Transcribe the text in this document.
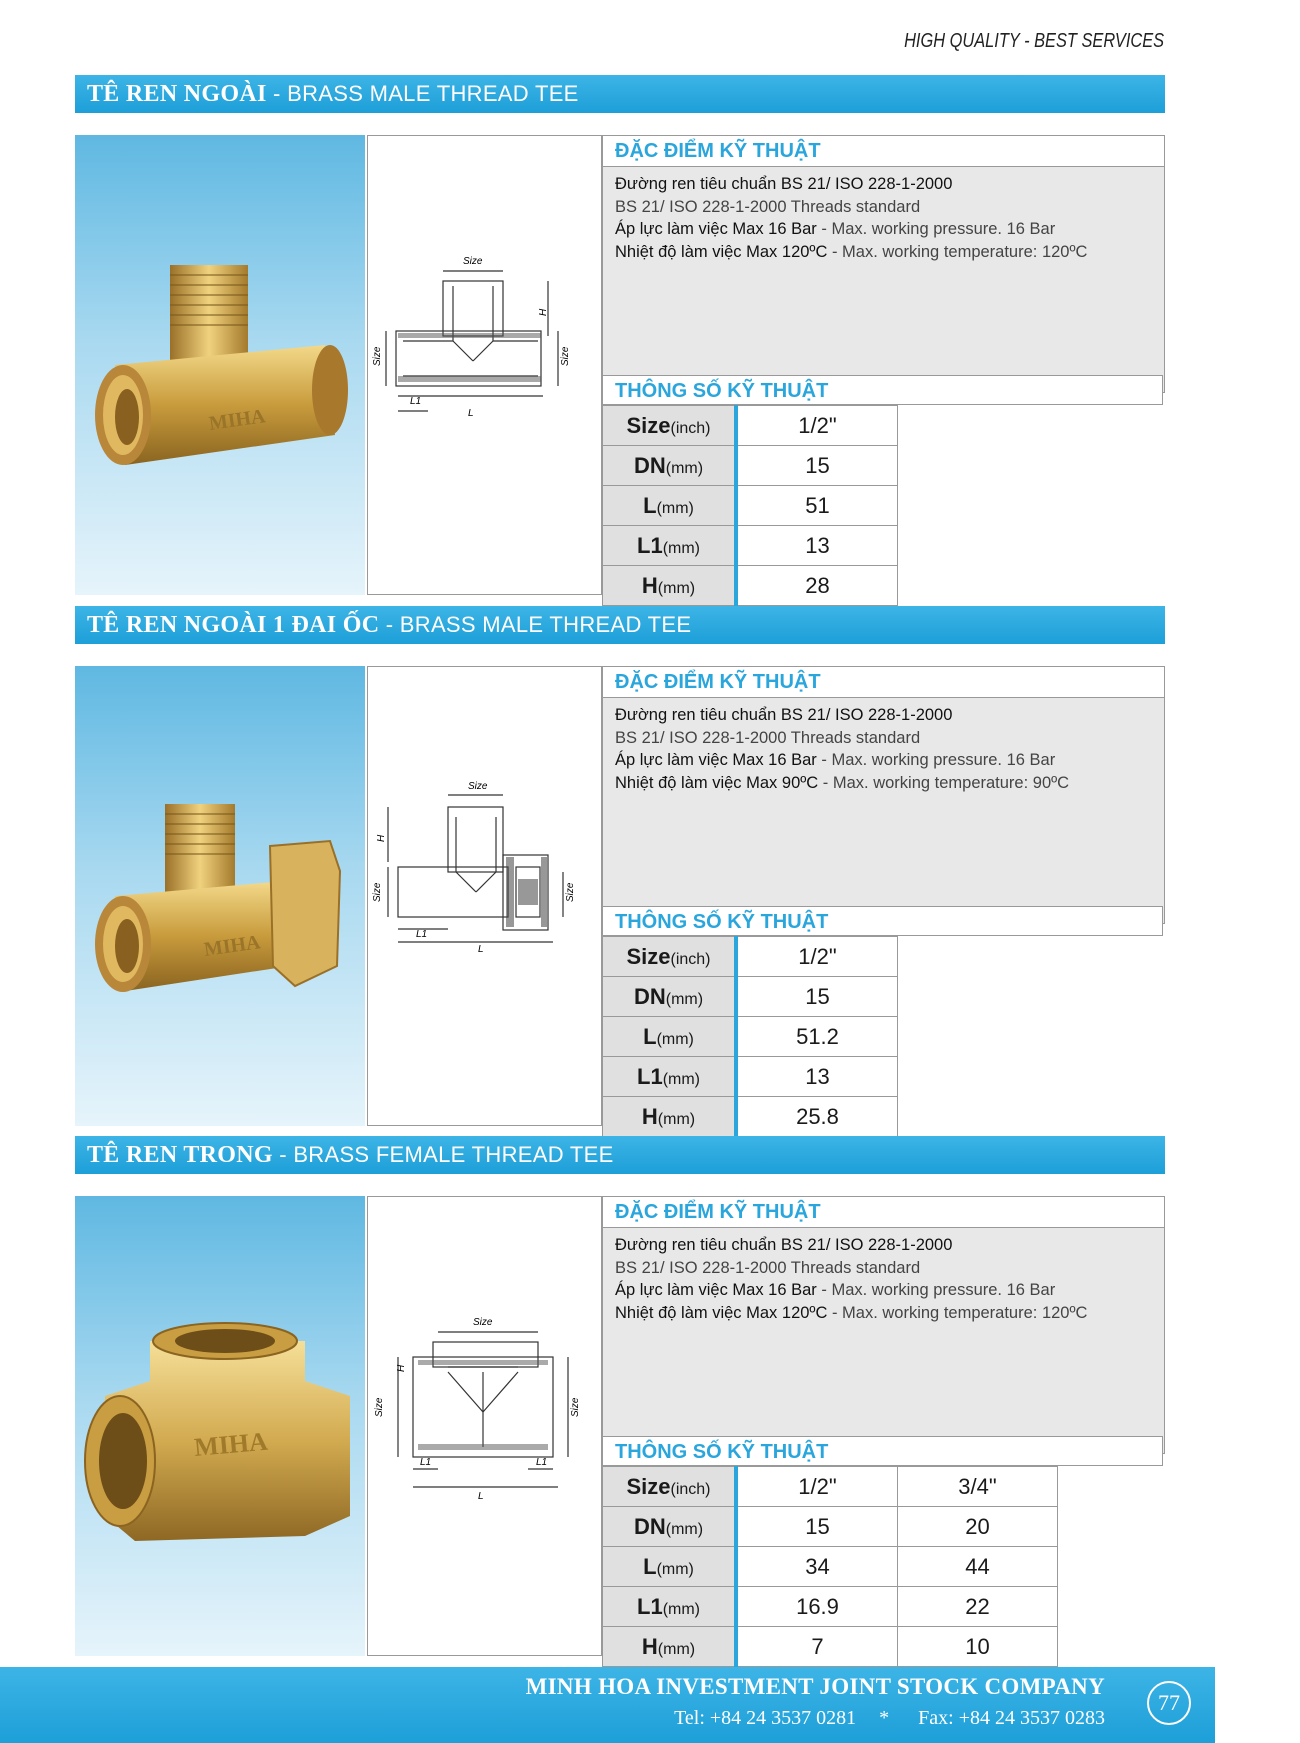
HIGH QUALITY - BEST SERVICES
TÊ REN NGOÀI - BRASS MALE THREAD TEE
MIHA
Size
Size	Size
H
L1
L
ĐẶC ĐIỂM KỸ THUẬT
Đường ren tiêu chuẩn BS 21/ ISO 228-1-2000
BS 21/ ISO 228-1-2000 Threads standard
Áp lực làm việc Max 16 Bar - Max. working pressure. 16 Bar
Nhiệt độ làm việc Max 120ºC - Max. working temperature: 120ºC
THÔNG SỐ KỸ THUẬT
Size(inch)	1/2"
DN(mm)	15
L(mm)	51
L1(mm)	13
H(mm)	28
TÊ REN NGOÀI 1 ĐAI ỐC - BRASS MALE THREAD TEE
MIHA
Size
Size	Size
H
L1
L
ĐẶC ĐIỂM KỸ THUẬT
Đường ren tiêu chuẩn BS 21/ ISO 228-1-2000
BS 21/ ISO 228-1-2000 Threads standard
Áp lực làm việc Max 16 Bar - Max. working pressure. 16 Bar
Nhiệt độ làm việc Max 90ºC - Max. working temperature: 90ºC
THÔNG SỐ KỸ THUẬT
Size(inch)	1/2"
DN(mm)	15
L(mm)	51.2
L1(mm)	13
H(mm)	25.8
TÊ REN TRONG - BRASS FEMALE THREAD TEE
MIHA
Size
Size	Size
H
L1	L1
L
ĐẶC ĐIỂM KỸ THUẬT
Đường ren tiêu chuẩn BS 21/ ISO 228-1-2000
BS 21/ ISO 228-1-2000 Threads standard
Áp lực làm việc Max 16 Bar - Max. working pressure. 16 Bar
Nhiệt độ làm việc Max 120ºC - Max. working temperature: 120ºC
THÔNG SỐ KỸ THUẬT
Size(inch)	1/2"	3/4"
DN(mm)	15	20
L(mm)	34	44
L1(mm)	16.9	22
H(mm)	7	10
MINH HOA INVESTMENT JOINT STOCK COMPANY
Tel: +84 24 3537 0281 * Fax: +84 24 3537 0283
77
